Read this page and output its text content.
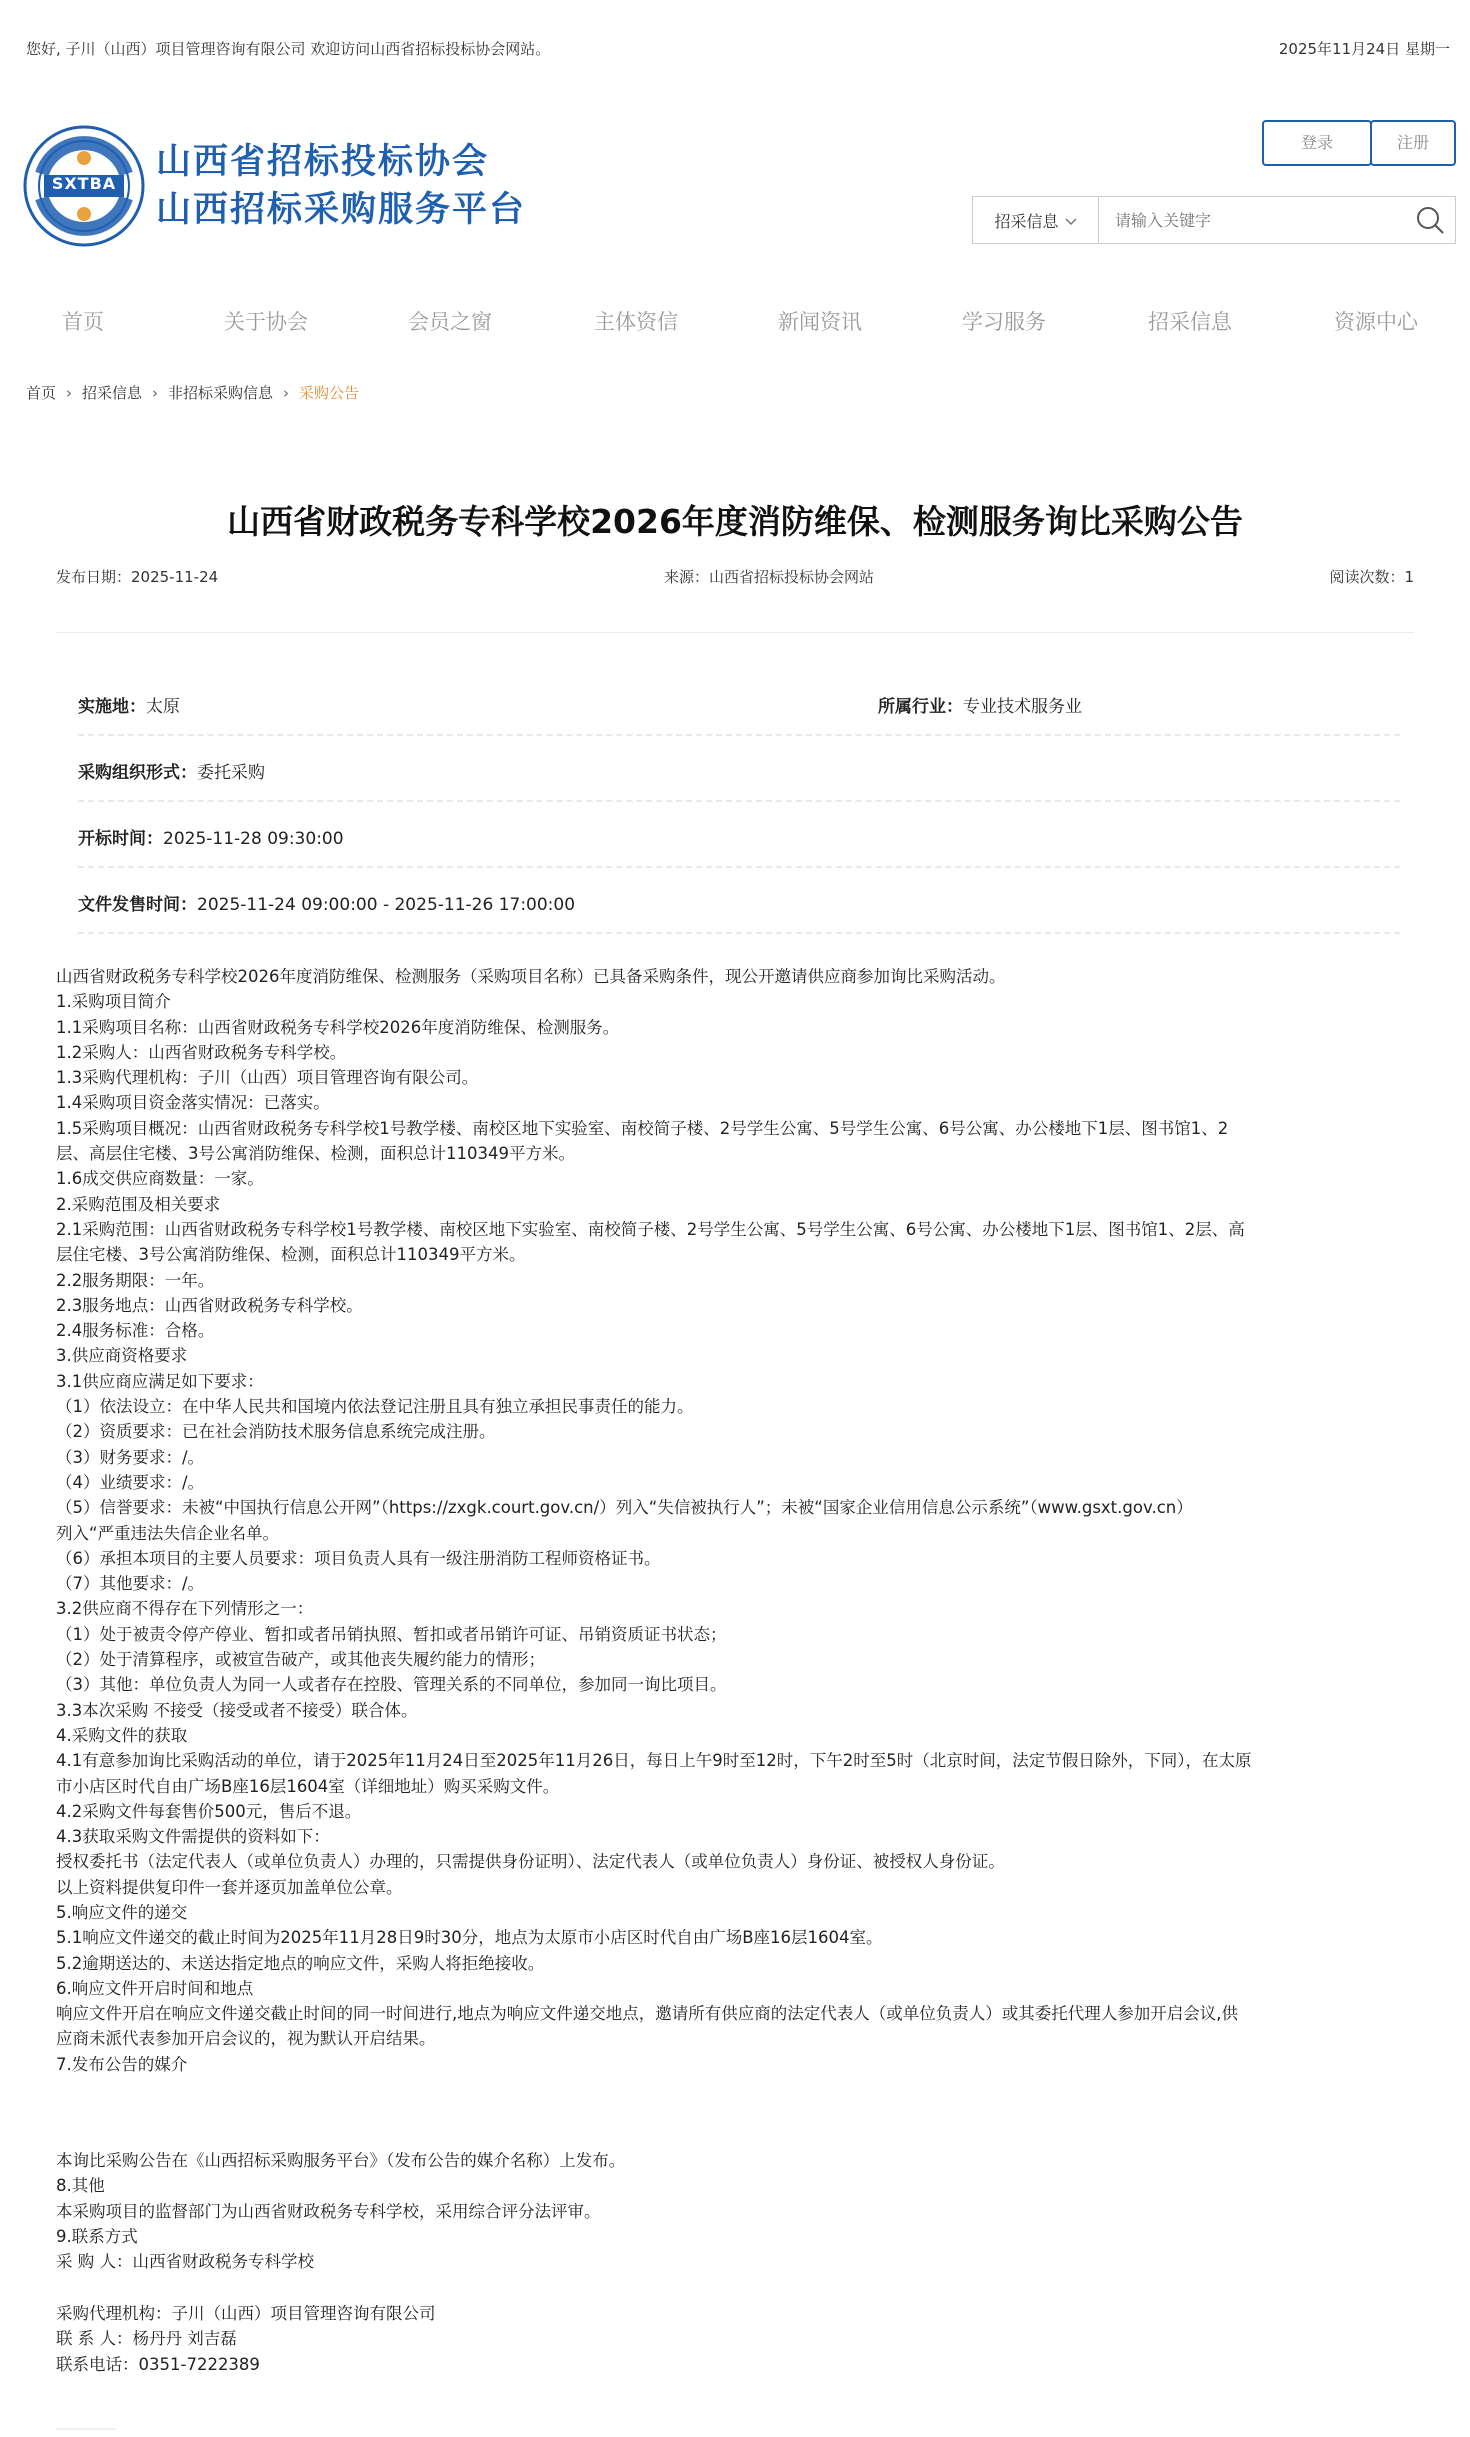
您好, 子川（山西）项目管理咨询有限公司 欢迎访问山西省招标投标协会网站。	2025年11月24日 星期一
SXTBA
山西省招标投标协会
山西招标采购服务平台
登录	注册
招采信息
请输入关键字
首页	关于协会	会员之窗	主体资信	新闻资讯	学习服务	招采信息	资源中心
首页 › 招采信息 › 非招标采购信息 › 采购公告
山西省财政税务专科学校2026年度消防维保、检测服务询比采购公告
发布日期：2025-11-24	来源：山西省招标投标协会网站	阅读次数：1
实施地：太原	所属行业：专业技术服务业
采购组织形式：委托采购
开标时间：2025-11-28 09:30:00
文件发售时间：2025-11-24 09:00:00 - 2025-11-26 17:00:00

山西省财政税务专科学校2026年度消防维保、检测服务（采购项目名称）已具备采购条件，现公开邀请供应商参加询比采购活动。

1.采购项目简介

1.1采购项目名称：山西省财政税务专科学校2026年度消防维保、检测服务。

1.2采购人：山西省财政税务专科学校。

1.3采购代理机构：子川（山西）项目管理咨询有限公司。

1.4采购项目资金落实情况：已落实。

1.5采购项目概况：山西省财政税务专科学校1号教学楼、南校区地下实验室、南校简子楼、2号学生公寓、5号学生公寓、6号公寓、办公楼地下1层、图书馆1、2

层、高层住宅楼、3号公寓消防维保、检测，面积总计110349平方米。

1.6成交供应商数量：一家。

2.采购范围及相关要求

2.1采购范围：山西省财政税务专科学校1号教学楼、南校区地下实验室、南校简子楼、2号学生公寓、5号学生公寓、6号公寓、办公楼地下1层、图书馆1、2层、高

层住宅楼、3号公寓消防维保、检测，面积总计110349平方米。

2.2服务期限：一年。

2.3服务地点：山西省财政税务专科学校。

2.4服务标准：合格。

3.供应商资格要求

3.1供应商应满足如下要求：

（1）依法设立：在中华人民共和国境内依法登记注册且具有独立承担民事责任的能力。

（2）资质要求：已在社会消防技术服务信息系统完成注册。

（3）财务要求：/。

（4）业绩要求：/。

（5）信誉要求：未被“中国执行信息公开网”（https://zxgk.court.gov.cn/）列入“失信被执行人”；未被“国家企业信用信息公示系统”（www.gsxt.gov.cn）

列入“严重违法失信企业名单。

（6）承担本项目的主要人员要求：项目负责人具有一级注册消防工程师资格证书。

（7）其他要求：/。

3.2供应商不得存在下列情形之一：

（1）处于被责令停产停业、暂扣或者吊销执照、暂扣或者吊销许可证、吊销资质证书状态；

（2）处于清算程序，或被宣告破产，或其他丧失履约能力的情形；

（3）其他：单位负责人为同一人或者存在控股、管理关系的不同单位，参加同一询比项目。

3.3本次采购 不接受（接受或者不接受）联合体。

4.采购文件的获取

4.1有意参加询比采购活动的单位，请于2025年11月24日至2025年11月26日，每日上午9时至12时，下午2时至5时（北京时间，法定节假日除外，下同），在太原

市小店区时代自由广场B座16层1604室（详细地址）购买采购文件。

4.2采购文件每套售价500元，售后不退。

4.3获取采购文件需提供的资料如下：

授权委托书（法定代表人（或单位负责人）办理的，只需提供身份证明）、法定代表人（或单位负责人）身份证、被授权人身份证。

以上资料提供复印件一套并逐页加盖单位公章。

5.响应文件的递交

5.1响应文件递交的截止时间为2025年11月28日9时30分，地点为太原市小店区时代自由广场B座16层1604室。

5.2逾期送达的、未送达指定地点的响应文件，采购人将拒绝接收。

6.响应文件开启时间和地点

响应文件开启在响应文件递交截止时间的同一时间进行,地点为响应文件递交地点，邀请所有供应商的法定代表人（或单位负责人）或其委托代理人参加开启会议,供

应商未派代表参加开启会议的，视为默认开启结果。

7.发布公告的媒介

本询比采购公告在《山西招标采购服务平台》（发布公告的媒介名称）上发布。

8.其他

本采购项目的监督部门为山西省财政税务专科学校，采用综合评分法评审。

9.联系方式

采 购 人：山西省财政税务专科学校

采购代理机构：子川（山西）项目管理咨询有限公司

联 系 人：杨丹丹 刘吉磊

联系电话：0351-7222389
